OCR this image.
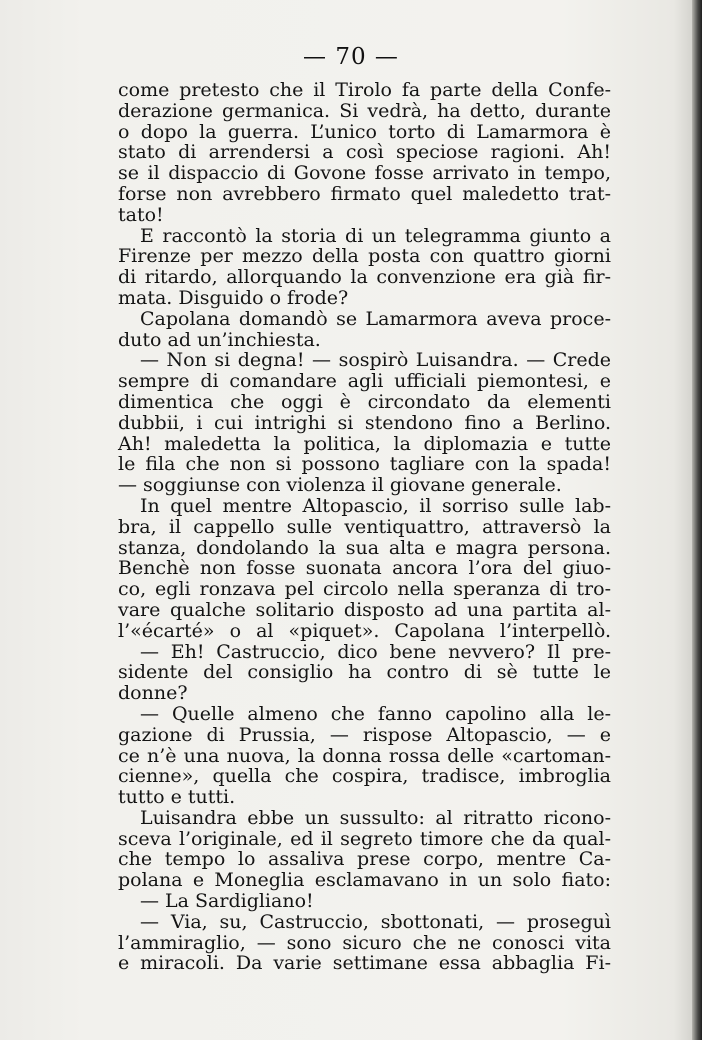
— 70 —
come pretesto che il Tirolo fa parte della Confe-
derazione germanica. Si vedrà, ha detto, durante
o dopo la guerra. L’unico torto di Lamarmora è
stato di arrendersi a così speciose ragioni. Ah!
se il dispaccio di Govone fosse arrivato in tempo,
forse non avrebbero firmato quel maledetto trat-
tato!
E raccontò la storia di un telegramma giunto a
Firenze per mezzo della posta con quattro giorni
di ritardo, allorquando la convenzione era già fir-
mata. Disguido o frode?
Capolana domandò se Lamarmora aveva proce-
duto ad un’inchiesta.
— Non si degna! — sospirò Luisandra. — Crede
sempre di comandare agli ufficiali piemontesi, e
dimentica che oggi è circondato da elementi
dubbii, i cui intrighi si stendono fino a Berlino.
Ah! maledetta la politica, la diplomazia e tutte
le fila che non si possono tagliare con la spada!
— soggiunse con violenza il giovane generale.
In quel mentre Altopascio, il sorriso sulle lab-
bra, il cappello sulle ventiquattro, attraversò la
stanza, dondolando la sua alta e magra persona.
Benchè non fosse suonata ancora l’ora del giuo-
co, egli ronzava pel circolo nella speranza di tro-
vare qualche solitario disposto ad una partita al-
l’«écarté» o al «piquet». Capolana l’interpellò.
— Eh! Castruccio, dico bene nevvero? Il pre-
sidente del consiglio ha contro di sè tutte le
donne?
— Quelle almeno che fanno capolino alla le-
gazione di Prussia, — rispose Altopascio, — e
ce n’è una nuova, la donna rossa delle «cartoman-
cienne», quella che cospira, tradisce, imbroglia
tutto e tutti.
Luisandra ebbe un sussulto: al ritratto ricono-
sceva l’originale, ed il segreto timore che da qual-
che tempo lo assaliva prese corpo, mentre Ca-
polana e Moneglia esclamavano in un solo fiato:
— La Sardigliano!
— Via, su, Castruccio, sbottonati, — proseguì
l’ammiraglio, — sono sicuro che ne conosci vita
e miracoli. Da varie settimane essa abbaglia Fi-
